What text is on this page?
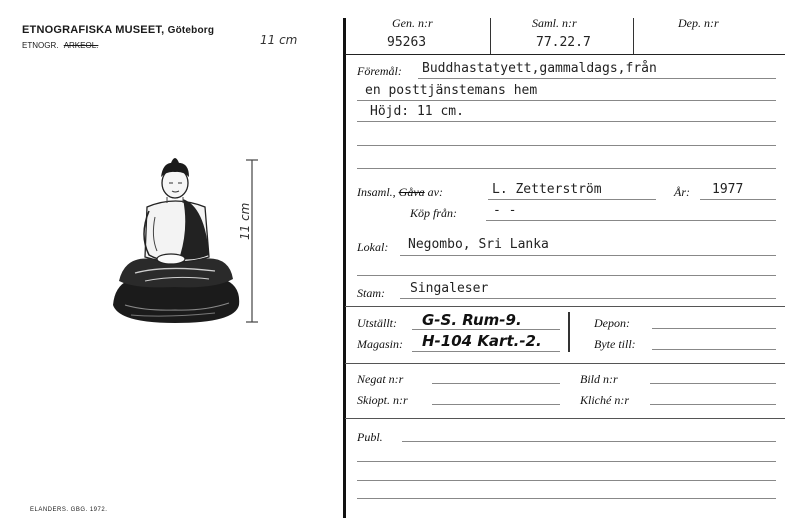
ETNOGRAFISKA MUSEET, Göteborg
ETNOGR. ARKEOL.	11 cm
11 cm
ELANDERS. GBG. 1972.
Gen. n:r
95263
Saml. n:r
77.22.7
Dep. n:r
Föremål: Buddhastatyett,gammaldags,från
en posttjänstemans hem
Höjd: 11 cm.
Insaml., Gåva av:	L. Zetterström	År: 1977
Köp från:	- -
Lokal: Negombo, Sri Lanka
Stam: Singaleser
Utställt: G-S. Rum-9.
Magasin: H-104 Kart.-2.
Depon:
Byte till:
Negat n:r	Bild n:r
Skiopt. n:r	Kliché n:r
Publ.
